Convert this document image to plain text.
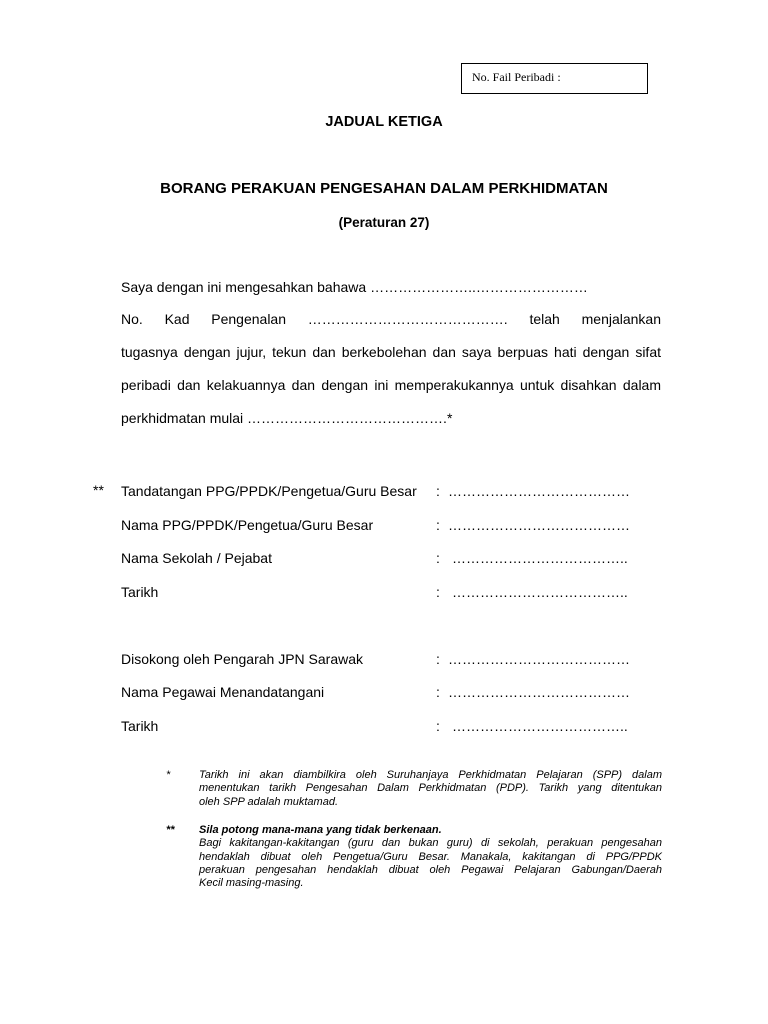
No. Fail Peribadi :
JADUAL KETIGA
BORANG PERAKUAN PENGESAHAN DALAM PERKHIDMATAN
(Peraturan 27)
Saya dengan ini mengesahkan bahawa …………………..……………………
No. Kad Pengenalan ……………………………………. telah menjalankan
tugasnya dengan jujur, tekun dan berkebolehan dan saya berpuas hati dengan sifat
peribadi dan kelakuannya dan dengan ini memperakukannya untuk disahkan dalam
perkhidmatan mulai …………………………………….*
** Tandatangan PPG/PPDK/Pengetua/Guru Besar : …………………………………
Nama PPG/PPDK/Pengetua/Guru Besar	: …………………………………
Nama Sekolah / Pejabat	: ………………………………..
Tarikh	: ………………………………..
Disokong oleh Pengarah JPN Sarawak	: …………………………………
Nama Pegawai Menandatangani	: …………………………………
Tarikh	: ………………………………..
*	Tarikh ini akan diambilkira oleh Suruhanjaya Perkhidmatan Pelajaran (SPP) dalam
menentukan tarikh Pengesahan Dalam Perkhidmatan (PDP). Tarikh yang ditentukan
oleh SPP adalah muktamad.
** Sila potong mana-mana yang tidak berkenaan.
Bagi kakitangan-kakitangan (guru dan bukan guru) di sekolah, perakuan pengesahan
hendaklah dibuat oleh Pengetua/Guru Besar. Manakala, kakitangan di PPG/PPDK
perakuan pengesahan hendaklah dibuat oleh Pegawai Pelajaran Gabungan/Daerah
Kecil masing-masing.
